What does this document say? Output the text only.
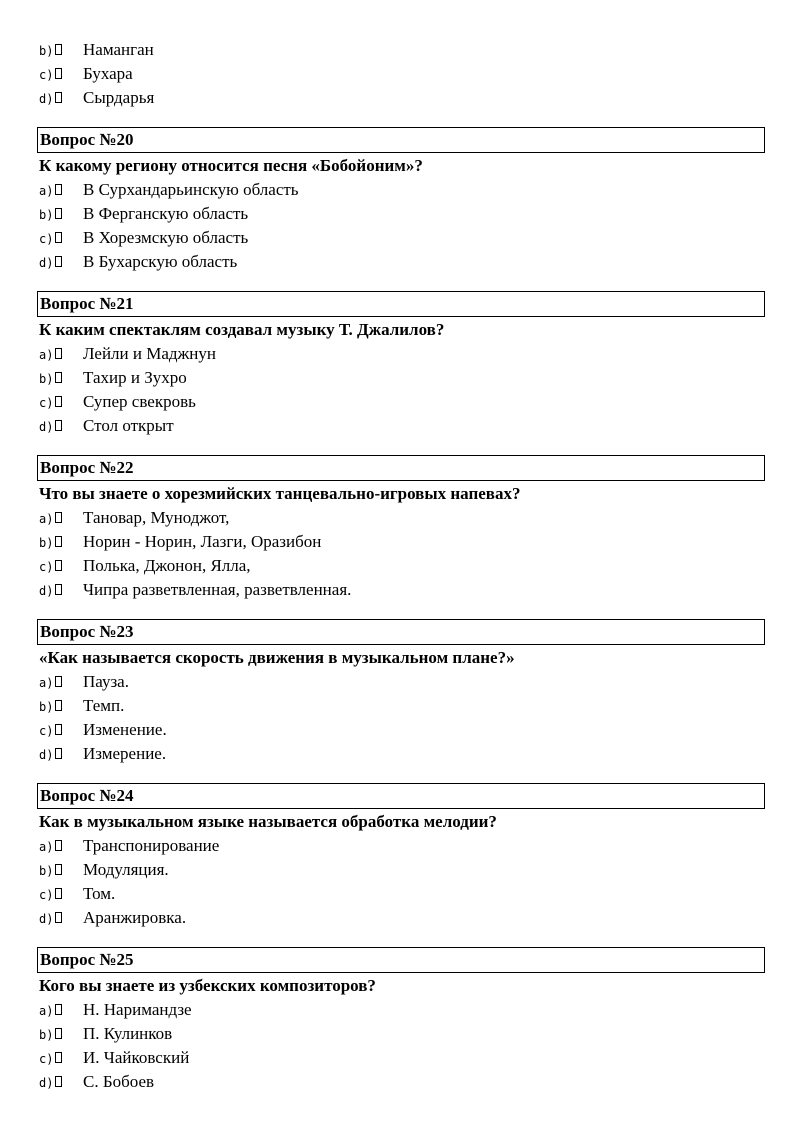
b) Наманган
c) Бухара
d) Сырдарья
Вопрос №20
К какому региону относится песня «Бобойоним»?
a) В Сурхандарьинскую область
b) В Ферганскую область
c) В Хорезмскую область
d) В Бухарскую область
Вопрос №21
К каким спектаклям создавал музыку Т. Джалилов?
a) Лейли и Маджнун
b) Тахир и Зухро
c) Супер свекровь
d) Стол открыт
Вопрос №22
Что вы знаете о хорезмийских танцевально-игровых напевах?
a) Тановар, Муноджот,
b) Норин - Норин, Лазги, Оразибон
c) Полька, Джонон, Ялла,
d) Чипра разветвленная, разветвленная.
Вопрос №23
«Как называется скорость движения в музыкальном плане?»
a) Пауза.
b) Темп.
c) Изменение.
d) Измерение.
Вопрос №24
Как в музыкальном языке называется обработка мелодии?
a) Транспонирование
b) Модуляция.
c) Том.
d) Аранжировка.
Вопрос №25
Кого вы знаете из узбекских композиторов?
a) Н. Наримандзе
b) П. Кулинков
c) И. Чайковский
d) С. Бобоев
